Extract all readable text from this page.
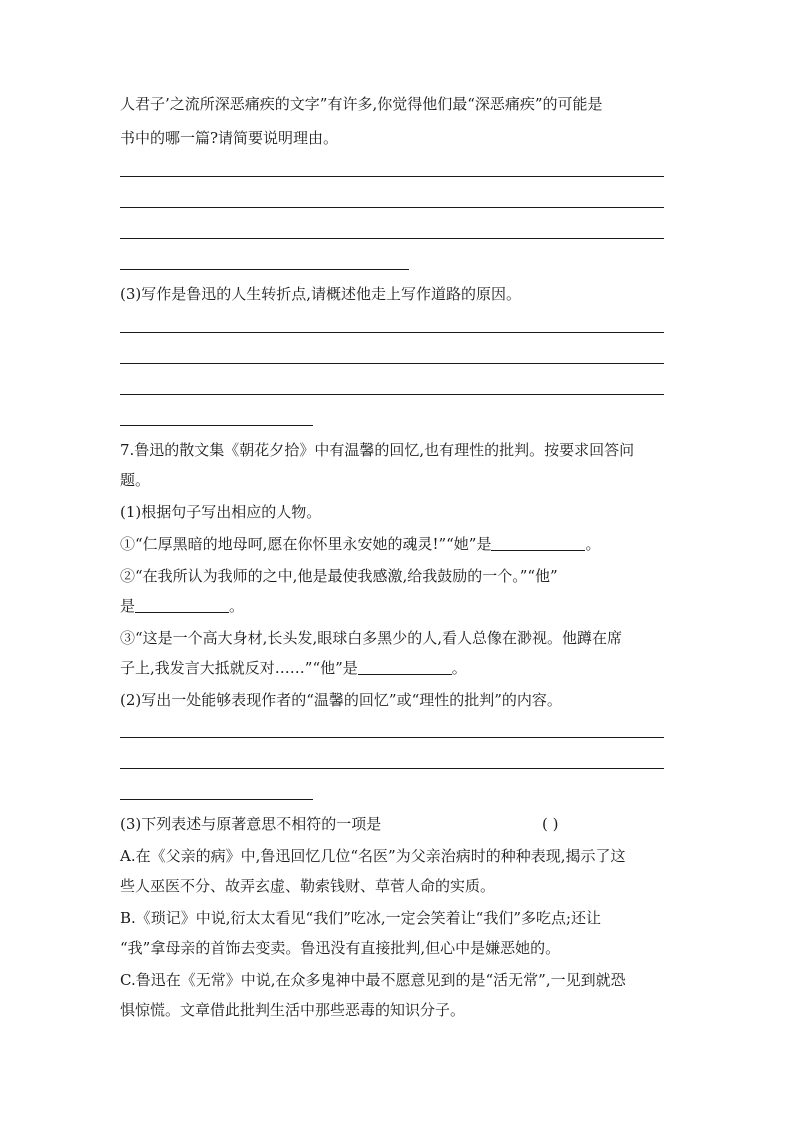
人君子’之流所深恶痛疾的文字”有许多,你觉得他们最“深恶痛疾”的可能是
书中的哪一篇?请简要说明理由。
(3)写作是鲁迅的人生转折点,请概述他走上写作道路的原因。
7.鲁迅的散文集《朝花夕拾》中有温馨的回忆,也有理性的批判。按要求回答问
题。
(1)根据句子写出相应的人物。
①“仁厚黑暗的地母呵,愿在你怀里永安她的魂灵!”“她”是	。
②“在我所认为我师的之中,他是最使我感激,给我鼓励的一个。”“他”
是	。
③“这是一个高大身材,长头发,眼球白多黑少的人,看人总像在渺视。他蹲在席
子上,我发言大抵就反对……”“他”是	。
(2)写出一处能够表现作者的“温馨的回忆”或“理性的批判”的内容。
(3)下列表述与原著意思不相符的一项是	( )
A.在《父亲的病》中,鲁迅回忆几位“名医”为父亲治病时的种种表现,揭示了这
些人巫医不分、故弄玄虚、勒索钱财、草菅人命的实质。
B.《琐记》中说,衍太太看见“我们”吃冰,一定会笑着让“我们”多吃点;还让
“我”拿母亲的首饰去变卖。鲁迅没有直接批判,但心中是嫌恶她的。
C.鲁迅在《无常》中说,在众多鬼神中最不愿意见到的是“活无常”,一见到就恐
惧惊慌。文章借此批判生活中那些恶毒的知识分子。
